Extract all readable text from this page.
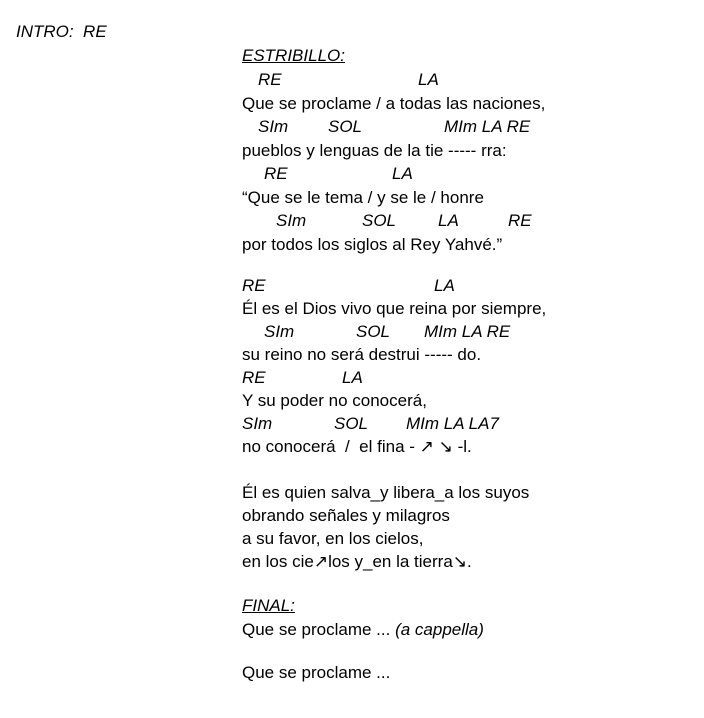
INTRO:  RE
ESTRIBILLO:
RE	LA
Que se proclame / a todas las naciones,
SIm SOL	MIm LA RE
pueblos y lenguas de la tie ----- rra:
RE	LA
“Que se le tema / y se le / honre
SIm	SOL LA	RE
por todos los siglos al Rey Yahvé.”
RE	LA
Él es el Dios vivo que reina por siempre,
SIm	SOL MIm LA RE
su reino no será destrui ----- do.
RE	LA
Y su poder no conocerá,
SIm	SOL MIm LA LA7
no conocerá  /  el fina - ↗ ↘ -l.
Él es quien salva_y libera_a los suyos
obrando señales y milagros
a su favor, en los cielos,
en los cie↗los y_en la tierra↘.
FINAL:
Que se proclame ... (a cappella)
Que se proclame ...
